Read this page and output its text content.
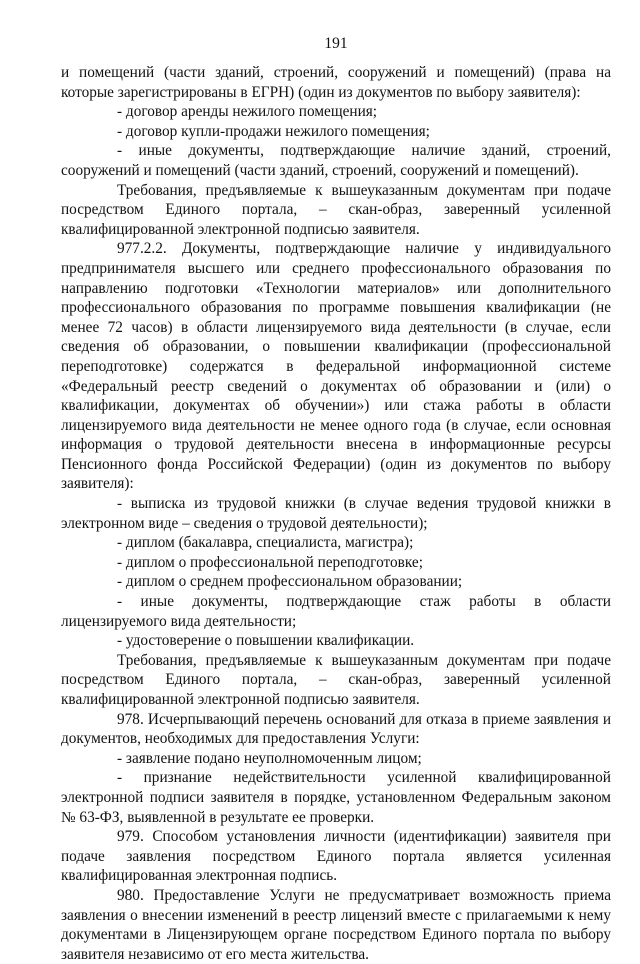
191

и помещений (части зданий, строений, сооружений и помещений) (права на которые зарегистрированы в ЕГРН) (один из документов по выбору заявителя):

- договор аренды нежилого помещения;

- договор купли-продажи нежилого помещения;

- иные документы, подтверждающие наличие зданий, строений, сооружений и помещений (части зданий, строений, сооружений и помещений).

Требования, предъявляемые к вышеуказанным документам при подаче посредством Единого портала, – скан-образ, заверенный усиленной квалифицированной электронной подписью заявителя.

977.2.2. Документы, подтверждающие наличие у индивидуального предпринимателя высшего или среднего профессионального образования по направлению подготовки «Технологии материалов» или дополнительного профессионального образования по программе повышения квалификации (не менее 72 часов) в области лицензируемого вида деятельности (в случае, если сведения об образовании, о повышении квалификации (профессиональной переподготовке) содержатся в федеральной информационной системе «Федеральный реестр сведений о документах об образовании и (или) о квалификации, документах об обучении») или стажа работы в области лицензируемого вида деятельности не менее одного года (в случае, если основная информация о трудовой деятельности внесена в информационные ресурсы Пенсионного фонда Российской Федерации) (один из документов по выбору заявителя):

- выписка из трудовой книжки (в случае ведения трудовой книжки в электронном виде – сведения о трудовой деятельности);

- диплом (бакалавра, специалиста, магистра);

- диплом о профессиональной переподготовке;

- диплом о среднем профессиональном образовании;

- иные документы, подтверждающие стаж работы в области лицензируемого вида деятельности;

- удостоверение о повышении квалификации.

Требования, предъявляемые к вышеуказанным документам при подаче посредством Единого портала, – скан-образ, заверенный усиленной квалифицированной электронной подписью заявителя.

978. Исчерпывающий перечень оснований для отказа в приеме заявления и документов, необходимых для предоставления Услуги:

- заявление подано неуполномоченным лицом;

- признание недействительности усиленной квалифицированной электронной подписи заявителя в порядке, установленном Федеральным законом № 63-ФЗ, выявленной в результате ее проверки.

979. Способом установления личности (идентификации) заявителя при подаче заявления посредством Единого портала является усиленная квалифицированная электронная подпись.

980. Предоставление Услуги не предусматривает возможность приема заявления о внесении изменений в реестр лицензий вместе с прилагаемыми к нему документами в Лицензирующем органе посредством Единого портала по выбору заявителя независимо от его места жительства.
